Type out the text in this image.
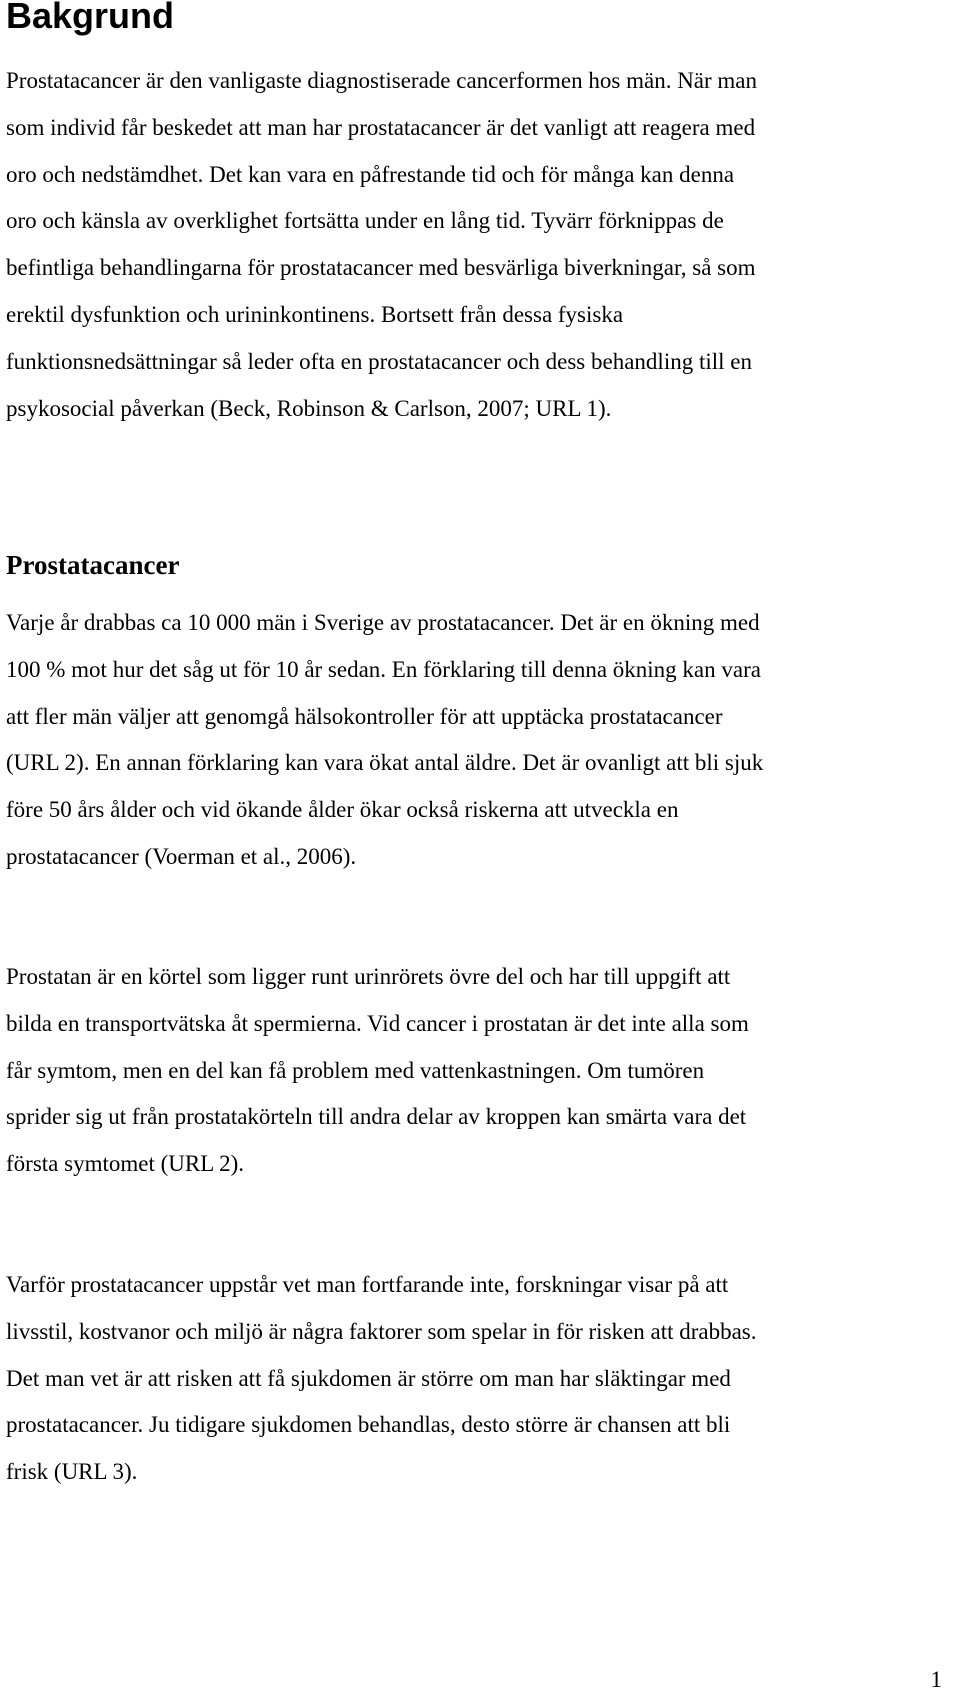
Bakgrund

Prostatacancer är den vanligaste diagnostiserade cancerformen hos män. När man
som individ får beskedet att man har prostatacancer är det vanligt att reagera med
oro och nedstämdhet. Det kan vara en påfrestande tid och för många kan denna
oro och känsla av overklighet fortsätta under en lång tid. Tyvärr förknippas de
befintliga behandlingarna för prostatacancer med besvärliga biverkningar, så som
erektil dysfunktion och urininkontinens. Bortsett från dessa fysiska
funktionsnedsättningar så leder ofta en prostatacancer och dess behandling till en
psykosocial påverkan (Beck, Robinson & Carlson, 2007; URL 1).

Prostatacancer

Varje år drabbas ca 10 000 män i Sverige av prostatacancer. Det är en ökning med
100 % mot hur det såg ut för 10 år sedan. En förklaring till denna ökning kan vara
att fler män väljer att genomgå hälsokontroller för att upptäcka prostatacancer
(URL 2). En annan förklaring kan vara ökat antal äldre. Det är ovanligt att bli sjuk
före 50 års ålder och vid ökande ålder ökar också riskerna att utveckla en
prostatacancer (Voerman et al., 2006).

Prostatan är en körtel som ligger runt urinrörets övre del och har till uppgift att
bilda en transportvätska åt spermierna. Vid cancer i prostatan är det inte alla som
får symtom, men en del kan få problem med vattenkastningen. Om tumören
sprider sig ut från prostatakörteln till andra delar av kroppen kan smärta vara det
första symtomet (URL 2).

Varför prostatacancer uppstår vet man fortfarande inte, forskningar visar på att
livsstil, kostvanor och miljö är några faktorer som spelar in för risken att drabbas.
Det man vet är att risken att få sjukdomen är större om man har släktingar med
prostatacancer. Ju tidigare sjukdomen behandlas, desto större är chansen att bli
frisk (URL 3).

1
